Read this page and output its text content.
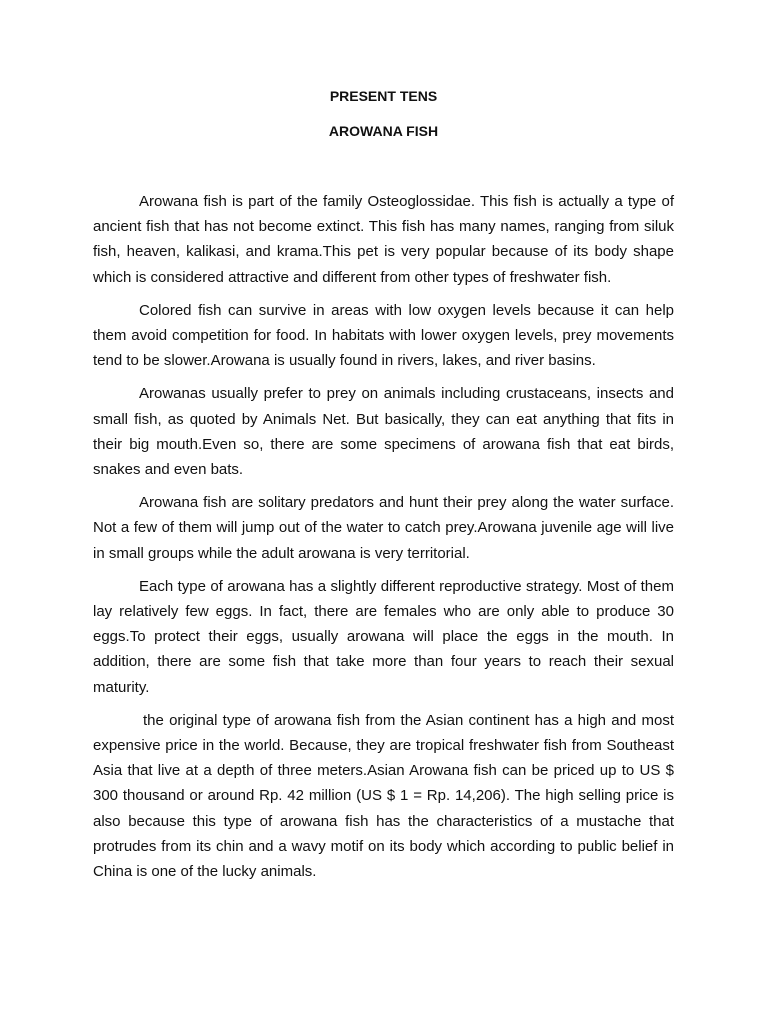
PRESENT TENS

AROWANA FISH

Arowana fish is part of the family Osteoglossidae. This fish is actually a type of ancient fish that has not become extinct. This fish has many names, ranging from siluk fish, heaven, kalikasi, and krama.This pet is very popular because of its body shape which is considered attractive and different from other types of freshwater fish.

Colored fish can survive in areas with low oxygen levels because it can help them avoid competition for food. In habitats with lower oxygen levels, prey movements tend to be slower.Arowana is usually found in rivers, lakes, and river basins.

Arowanas usually prefer to prey on animals including crustaceans, insects and small fish, as quoted by Animals Net. But basically, they can eat anything that fits in their big mouth.Even so, there are some specimens of arowana fish that eat birds, snakes and even bats.

Arowana fish are solitary predators and hunt their prey along the water surface. Not a few of them will jump out of the water to catch prey.Arowana juvenile age will live in small groups while the adult arowana is very territorial.

Each type of arowana has a slightly different reproductive strategy. Most of them lay relatively few eggs. In fact, there are females who are only able to produce 30 eggs.To protect their eggs, usually arowana will place the eggs in the mouth. In addition, there are some fish that take more than four years to reach their sexual maturity.

the original type of arowana fish from the Asian continent has a high and most expensive price in the world. Because, they are tropical freshwater fish from Southeast Asia that live at a depth of three meters.Asian Arowana fish can be priced up to US $ 300 thousand or around Rp. 42 million (US $ 1 = Rp. 14,206). The high selling price is also because this type of arowana fish has the characteristics of a mustache that protrudes from its chin and a wavy motif on its body which according to public belief in China is one of the lucky animals.
